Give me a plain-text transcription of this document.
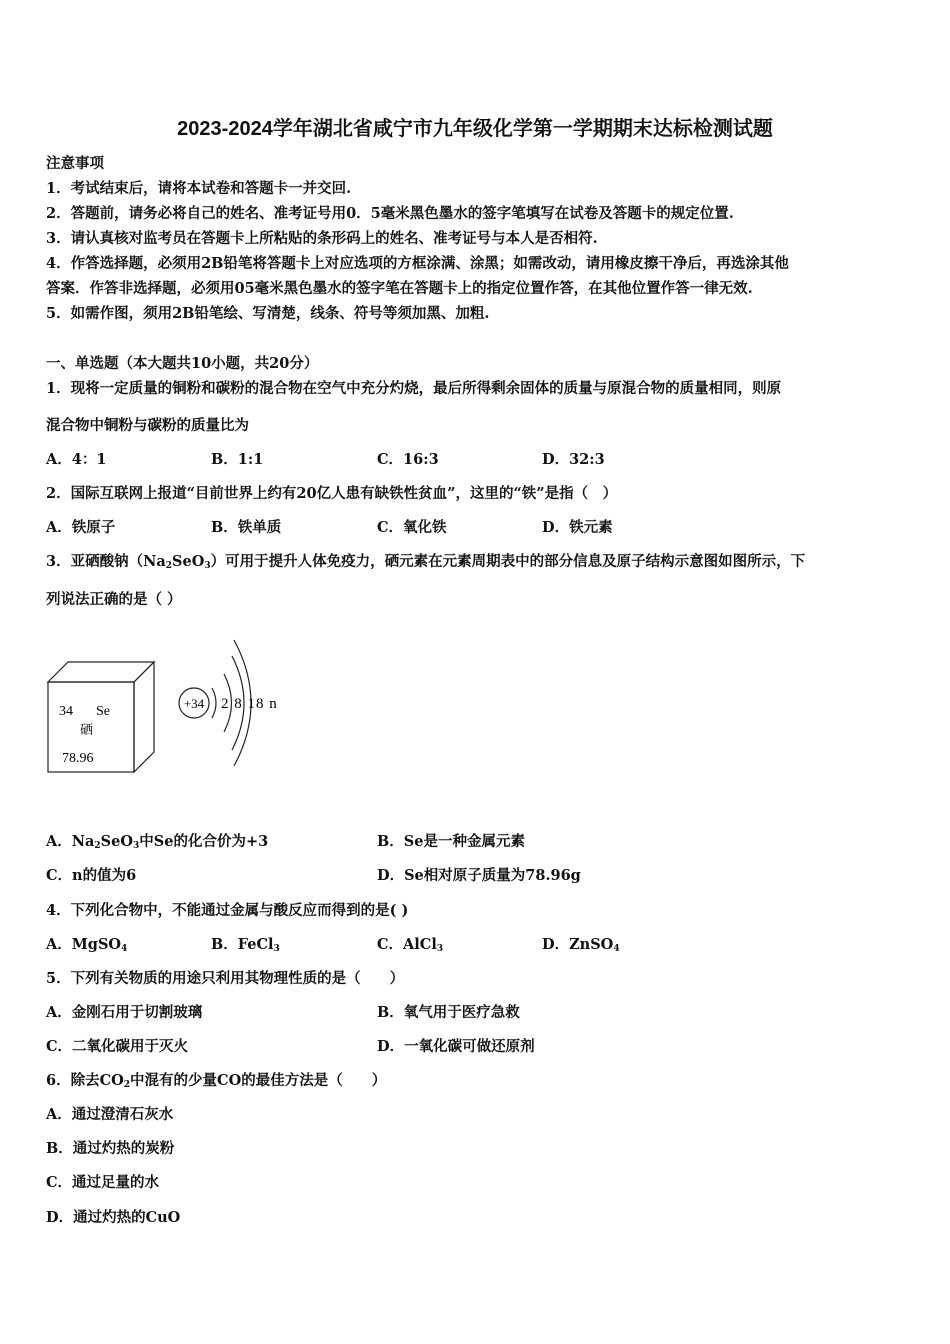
2023-2024学年湖北省咸宁市九年级化学第一学期期末达标检测试题
注意事项
1．考试结束后，请将本试卷和答题卡一并交回.
2．答题前，请务必将自己的姓名、准考证号用0．5毫米黑色墨水的签字笔填写在试卷及答题卡的规定位置.
3．请认真核对监考员在答题卡上所粘贴的条形码上的姓名、准考证号与本人是否相符.
4．作答选择题，必须用2B铅笔将答题卡上对应选项的方框涂满、涂黑；如需改动，请用橡皮擦干净后，再选涂其他
答案．作答非选择题，必须用05毫米黑色墨水的签字笔在答题卡上的指定位置作答，在其他位置作答一律无效.
5．如需作图，须用2B铅笔绘、写清楚，线条、符号等须加黑、加粗.
一、单选题（本大题共10小题，共20分）
1．现将一定质量的铜粉和碳粉的混合物在空气中充分灼烧，最后所得剩余固体的质量与原混合物的质量相同，则原
混合物中铜粉与碳粉的质量比为
A．4：1	B．1:1	C．16:3	D．32:3
2．国际互联网上报道“目前世界上约有20亿人患有缺铁性贫血”，这里的“铁”是指（　）
A．铁原子	B．铁单质	C．氧化铁	D．铁元素
3．亚硒酸钠$(Na_2SeO_3)$可用于提升人体免疫力，硒元素在元素周期表中的部分信息及原子结构示意图如图所示，下
列说法正确的是（ ）
34 Se
硒
78.96
+34 2 8 18 n
A．$Na_2SeO_3$中Se的化合价为+3	B．Se是一种金属元素
C．n的值为6	D．Se相对原子质量为78.96g
4．下列化合物中，不能通过金属与酸反应而得到的是( )
A．MgSO$_4$	B．FeCl$_3$	C．AlCl$_3$	D．ZnSO$_4$
5．下列有关物质的用途只利用其物理性质的是（　　）
A．金刚石用于切割玻璃	B．氧气用于医疗急救
C．二氧化碳用于灭火	D．一氧化碳可做还原剂
6．除去$CO_2$中混有的少量CO的最佳方法是（　　）
A．通过澄清石灰水
B．通过灼热的炭粉
C．通过足量的水
D．通过灼热的CuO
